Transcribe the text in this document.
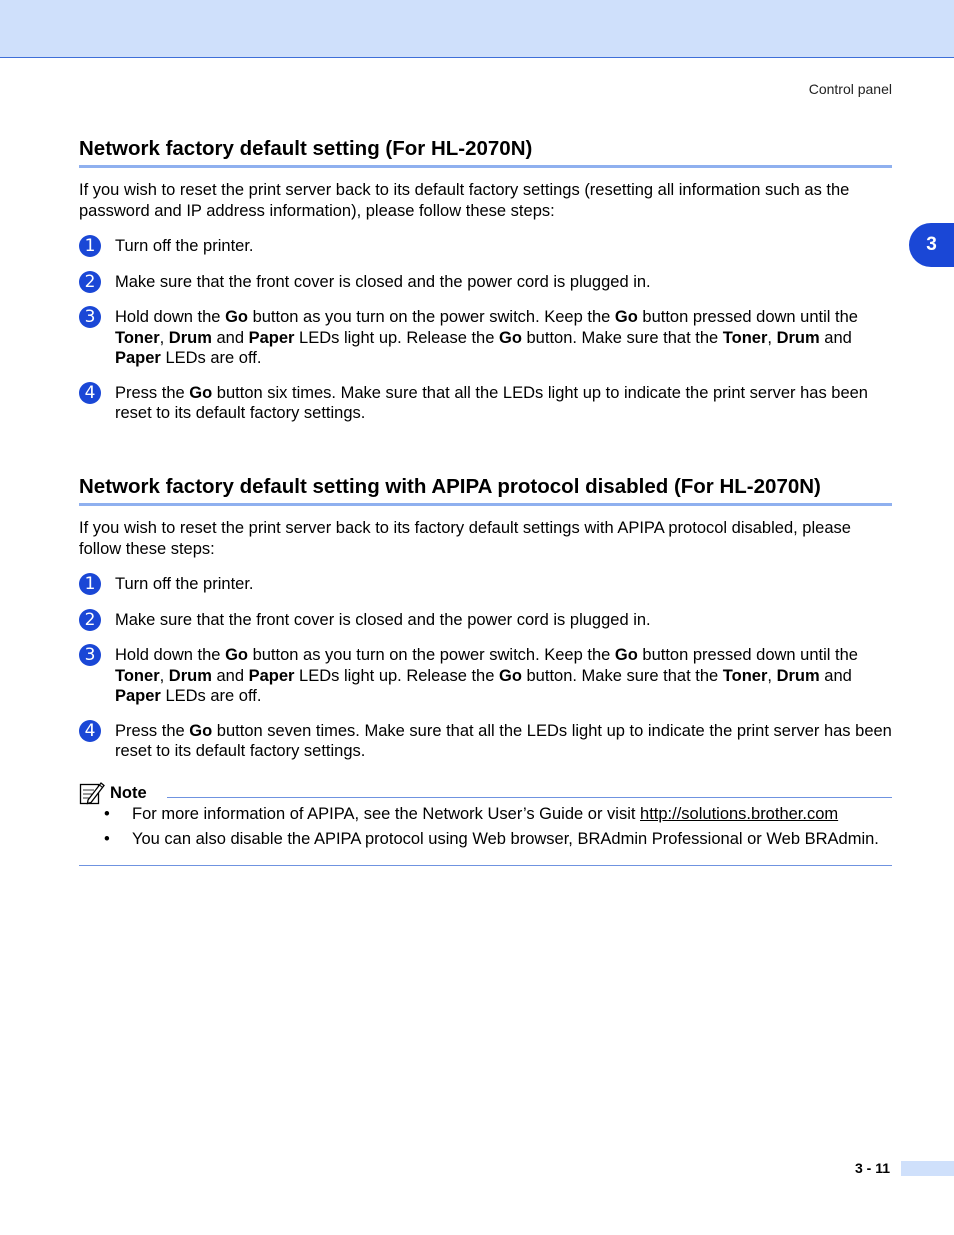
Control panel
3
Network factory default setting (For HL-2070N)

If you wish to reset the print server back to its default factory settings (resetting all information such as the password and IP address information), please follow these steps:

1	Turn off the printer.
2	Make sure that the front cover is closed and the power cord is plugged in.
3	Hold down the Go button as you turn on the power switch. Keep the Go button pressed down until the Toner, Drum and Paper LEDs light up. Release the Go button. Make sure that the Toner, Drum and Paper LEDs are off.
4	Press the Go button six times. Make sure that all the LEDs light up to indicate the print server has been reset to its default factory settings.
Network factory default setting with APIPA protocol disabled (For HL-2070N)

If you wish to reset the print server back to its factory default settings with APIPA protocol disabled, please follow these steps:

1	Turn off the printer.
2	Make sure that the front cover is closed and the power cord is plugged in.
3	Hold down the Go button as you turn on the power switch. Keep the Go button pressed down until the Toner, Drum and Paper LEDs light up. Release the Go button. Make sure that the Toner, Drum and Paper LEDs are off.
4	Press the Go button seven times. Make sure that all the LEDs light up to indicate the print server has been reset to its default factory settings.
Note
• For more information of APIPA, see the Network User’s Guide or visit http://solutions.brother.com
• You can also disable the APIPA protocol using Web browser, BRAdmin Professional or Web BRAdmin.
3 - 11
